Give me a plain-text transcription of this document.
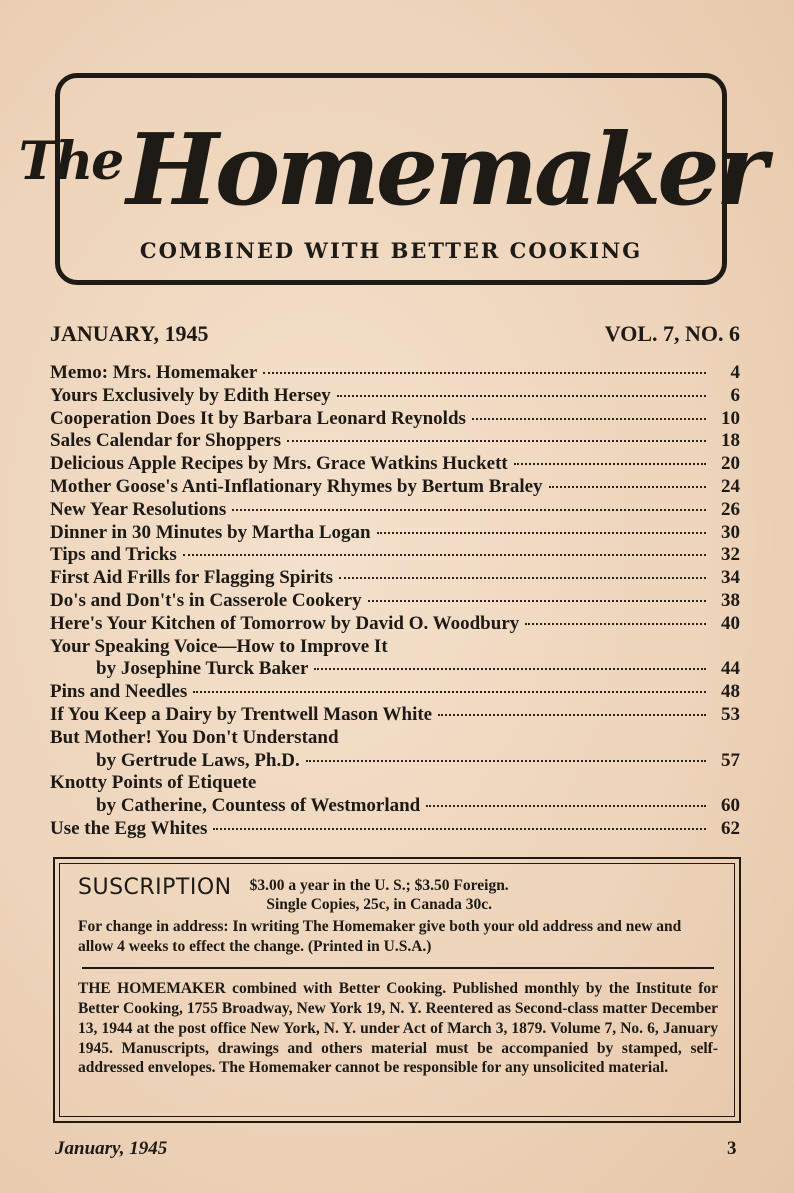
The Homemaker
COMBINED WITH BETTER COOKING
JANUARY, 1945	VOL. 7, NO. 6
Memo: Mrs. Homemaker	4
Yours Exclusively by Edith Hersey	6
Cooperation Does It by Barbara Leonard Reynolds	10
Sales Calendar for Shoppers	18
Delicious Apple Recipes by Mrs. Grace Watkins Huckett	20
Mother Goose's Anti-Inflationary Rhymes by Bertum Braley	24
New Year Resolutions	26
Dinner in 30 Minutes by Martha Logan	30
Tips and Tricks	32
First Aid Frills for Flagging Spirits	34
Do's and Don't's in Casserole Cookery	38
Here's Your Kitchen of Tomorrow by David O. Woodbury	40
Your Speaking Voice—How to Improve It
by Josephine Turck Baker	44
Pins and Needles	48
If You Keep a Dairy by Trentwell Mason White	53
But Mother! You Don't Understand
by Gertrude Laws, Ph.D.	57
Knotty Points of Etiquete
by Catherine, Countess of Westmorland	60
Use the Egg Whites	62
SUSCRIPTION $3.00 a year in the U. S.; $3.50 Foreign.
Single Copies, 25c, in Canada 30c.
For change in address: In writing The Homemaker give both your old address and new and allow 4 weeks to effect the change. (Printed in U.S.A.)
THE HOMEMAKER combined with Better Cooking. Published monthly by the Institute for Better Cooking, 1755 Broadway, New York 19, N. Y. Reentered as Second-class matter December 13, 1944 at the post office New York, N. Y. under Act of March 3, 1879. Volume 7, No. 6, January 1945. Manuscripts, drawings and others material must be accompanied by stamped, self-addressed envelopes. The Homemaker cannot be responsible for any unsolicited material.
January, 1945	3
